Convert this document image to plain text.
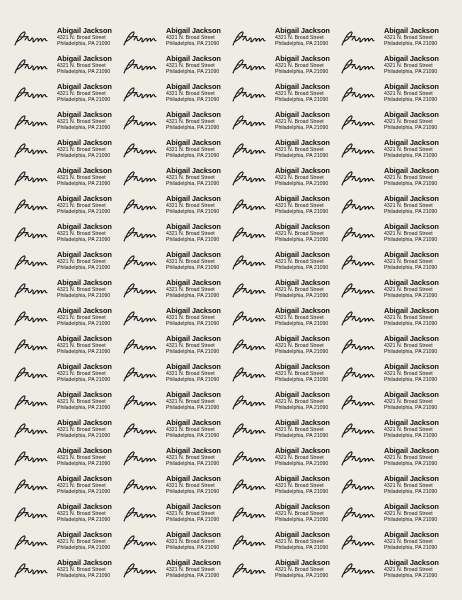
Abigail Jackson
4321 N. Broad Street
Philadelphia, PA 21090
Abigail Jackson
4321 N. Broad Street
Philadelphia, PA 21090
Abigail Jackson
4321 N. Broad Street
Philadelphia, PA 21090
Abigail Jackson
4321 N. Broad Street
Philadelphia, PA 21090
Abigail Jackson
4321 N. Broad Street
Philadelphia, PA 21090
Abigail Jackson
4321 N. Broad Street
Philadelphia, PA 21090
Abigail Jackson
4321 N. Broad Street
Philadelphia, PA 21090
Abigail Jackson
4321 N. Broad Street
Philadelphia, PA 21090
Abigail Jackson
4321 N. Broad Street
Philadelphia, PA 21090
Abigail Jackson
4321 N. Broad Street
Philadelphia, PA 21090
Abigail Jackson
4321 N. Broad Street
Philadelphia, PA 21090
Abigail Jackson
4321 N. Broad Street
Philadelphia, PA 21090
Abigail Jackson
4321 N. Broad Street
Philadelphia, PA 21090
Abigail Jackson
4321 N. Broad Street
Philadelphia, PA 21090
Abigail Jackson
4321 N. Broad Street
Philadelphia, PA 21090
Abigail Jackson
4321 N. Broad Street
Philadelphia, PA 21090
Abigail Jackson
4321 N. Broad Street
Philadelphia, PA 21090
Abigail Jackson
4321 N. Broad Street
Philadelphia, PA 21090
Abigail Jackson
4321 N. Broad Street
Philadelphia, PA 21090
Abigail Jackson
4321 N. Broad Street
Philadelphia, PA 21090
Abigail Jackson
4321 N. Broad Street
Philadelphia, PA 21090
Abigail Jackson
4321 N. Broad Street
Philadelphia, PA 21090
Abigail Jackson
4321 N. Broad Street
Philadelphia, PA 21090
Abigail Jackson
4321 N. Broad Street
Philadelphia, PA 21090
Abigail Jackson
4321 N. Broad Street
Philadelphia, PA 21090
Abigail Jackson
4321 N. Broad Street
Philadelphia, PA 21090
Abigail Jackson
4321 N. Broad Street
Philadelphia, PA 21090
Abigail Jackson
4321 N. Broad Street
Philadelphia, PA 21090
Abigail Jackson
4321 N. Broad Street
Philadelphia, PA 21090
Abigail Jackson
4321 N. Broad Street
Philadelphia, PA 21090
Abigail Jackson
4321 N. Broad Street
Philadelphia, PA 21090
Abigail Jackson
4321 N. Broad Street
Philadelphia, PA 21090
Abigail Jackson
4321 N. Broad Street
Philadelphia, PA 21090
Abigail Jackson
4321 N. Broad Street
Philadelphia, PA 21090
Abigail Jackson
4321 N. Broad Street
Philadelphia, PA 21090
Abigail Jackson
4321 N. Broad Street
Philadelphia, PA 21090
Abigail Jackson
4321 N. Broad Street
Philadelphia, PA 21090
Abigail Jackson
4321 N. Broad Street
Philadelphia, PA 21090
Abigail Jackson
4321 N. Broad Street
Philadelphia, PA 21090
Abigail Jackson
4321 N. Broad Street
Philadelphia, PA 21090
Abigail Jackson
4321 N. Broad Street
Philadelphia, PA 21090
Abigail Jackson
4321 N. Broad Street
Philadelphia, PA 21090
Abigail Jackson
4321 N. Broad Street
Philadelphia, PA 21090
Abigail Jackson
4321 N. Broad Street
Philadelphia, PA 21090
Abigail Jackson
4321 N. Broad Street
Philadelphia, PA 21090
Abigail Jackson
4321 N. Broad Street
Philadelphia, PA 21090
Abigail Jackson
4321 N. Broad Street
Philadelphia, PA 21090
Abigail Jackson
4321 N. Broad Street
Philadelphia, PA 21090
Abigail Jackson
4321 N. Broad Street
Philadelphia, PA 21090
Abigail Jackson
4321 N. Broad Street
Philadelphia, PA 21090
Abigail Jackson
4321 N. Broad Street
Philadelphia, PA 21090
Abigail Jackson
4321 N. Broad Street
Philadelphia, PA 21090
Abigail Jackson
4321 N. Broad Street
Philadelphia, PA 21090
Abigail Jackson
4321 N. Broad Street
Philadelphia, PA 21090
Abigail Jackson
4321 N. Broad Street
Philadelphia, PA 21090
Abigail Jackson
4321 N. Broad Street
Philadelphia, PA 21090
Abigail Jackson
4321 N. Broad Street
Philadelphia, PA 21090
Abigail Jackson
4321 N. Broad Street
Philadelphia, PA 21090
Abigail Jackson
4321 N. Broad Street
Philadelphia, PA 21090
Abigail Jackson
4321 N. Broad Street
Philadelphia, PA 21090
Abigail Jackson
4321 N. Broad Street
Philadelphia, PA 21090
Abigail Jackson
4321 N. Broad Street
Philadelphia, PA 21090
Abigail Jackson
4321 N. Broad Street
Philadelphia, PA 21090
Abigail Jackson
4321 N. Broad Street
Philadelphia, PA 21090
Abigail Jackson
4321 N. Broad Street
Philadelphia, PA 21090
Abigail Jackson
4321 N. Broad Street
Philadelphia, PA 21090
Abigail Jackson
4321 N. Broad Street
Philadelphia, PA 21090
Abigail Jackson
4321 N. Broad Street
Philadelphia, PA 21090
Abigail Jackson
4321 N. Broad Street
Philadelphia, PA 21090
Abigail Jackson
4321 N. Broad Street
Philadelphia, PA 21090
Abigail Jackson
4321 N. Broad Street
Philadelphia, PA 21090
Abigail Jackson
4321 N. Broad Street
Philadelphia, PA 21090
Abigail Jackson
4321 N. Broad Street
Philadelphia, PA 21090
Abigail Jackson
4321 N. Broad Street
Philadelphia, PA 21090
Abigail Jackson
4321 N. Broad Street
Philadelphia, PA 21090
Abigail Jackson
4321 N. Broad Street
Philadelphia, PA 21090
Abigail Jackson
4321 N. Broad Street
Philadelphia, PA 21090
Abigail Jackson
4321 N. Broad Street
Philadelphia, PA 21090
Abigail Jackson
4321 N. Broad Street
Philadelphia, PA 21090
Abigail Jackson
4321 N. Broad Street
Philadelphia, PA 21090
